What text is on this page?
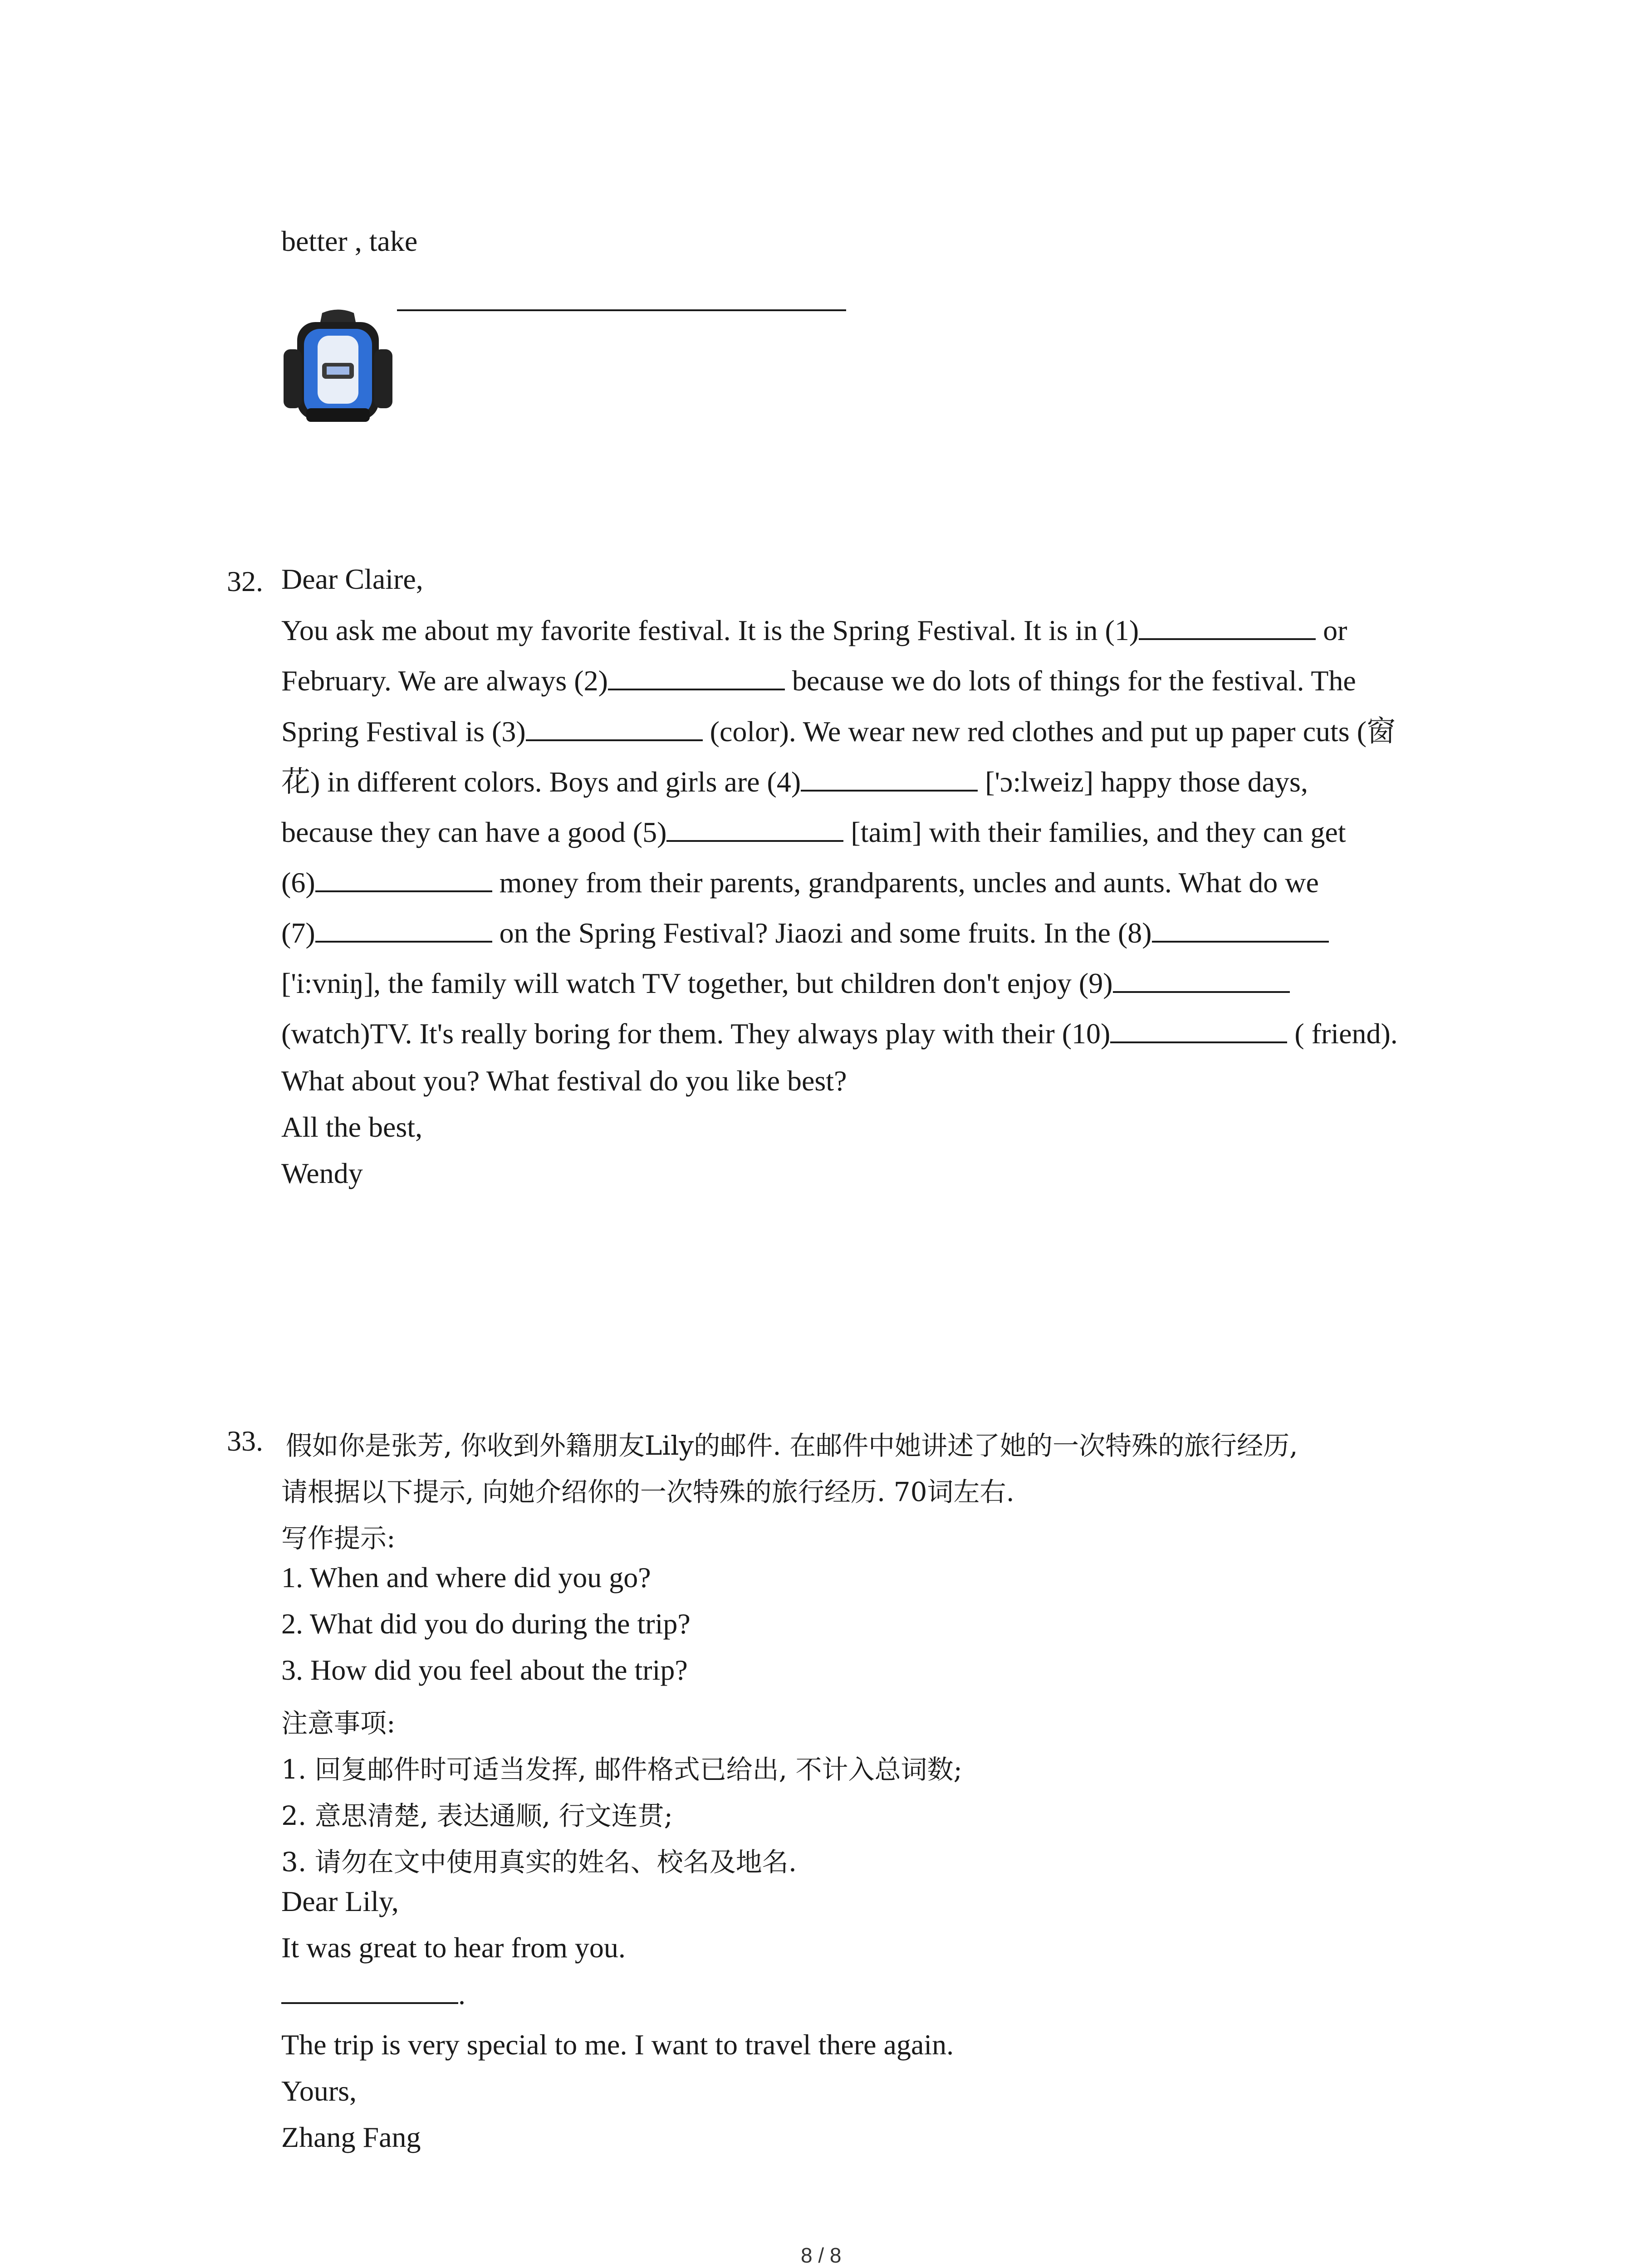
better , take
32. Dear Claire,
You ask me about my favorite festival. It is the Spring Festival. It is in (1)	or
February. We are always (2)	because we do lots of things for the festival. The
Spring Festival is (3)	(color). We wear new red clothes and put up paper cuts (窗
花) in different colors. Boys and girls are (4)	['ɔ:lweiz] happy those days,
because they can have a good (5)	[taim] with their families, and they can get
(6)	money from their parents, grandparents, uncles and aunts. What do we
(7)	on the Spring Festival? Jiaozi and some fruits. In the (8)
['i:vniŋ], the family will watch TV together, but children don't enjoy (9)
(watch)TV. It's really boring for them. They always play with their (10)	( friend).
What about you? What festival do you like best?
All the best,
Wendy
33. 假如你是张芳, 你收到外籍朋友Lily的邮件. 在邮件中她讲述了她的一次特殊的旅行经历,
请根据以下提示, 向她介绍你的一次特殊的旅行经历. 70词左右.
写作提示:
1. When and where did you go?
2. What did you do during the trip?
3. How did you feel about the trip?
注意事项:
1. 回复邮件时可适当发挥, 邮件格式已给出, 不计入总词数;
2. 意思清楚, 表达通顺, 行文连贯;
3. 请勿在文中使用真实的姓名、校名及地名.
Dear Lily,
It was great to hear from you.
.
The trip is very special to me. I want to travel there again.
Yours,
Zhang Fang
8 / 8
